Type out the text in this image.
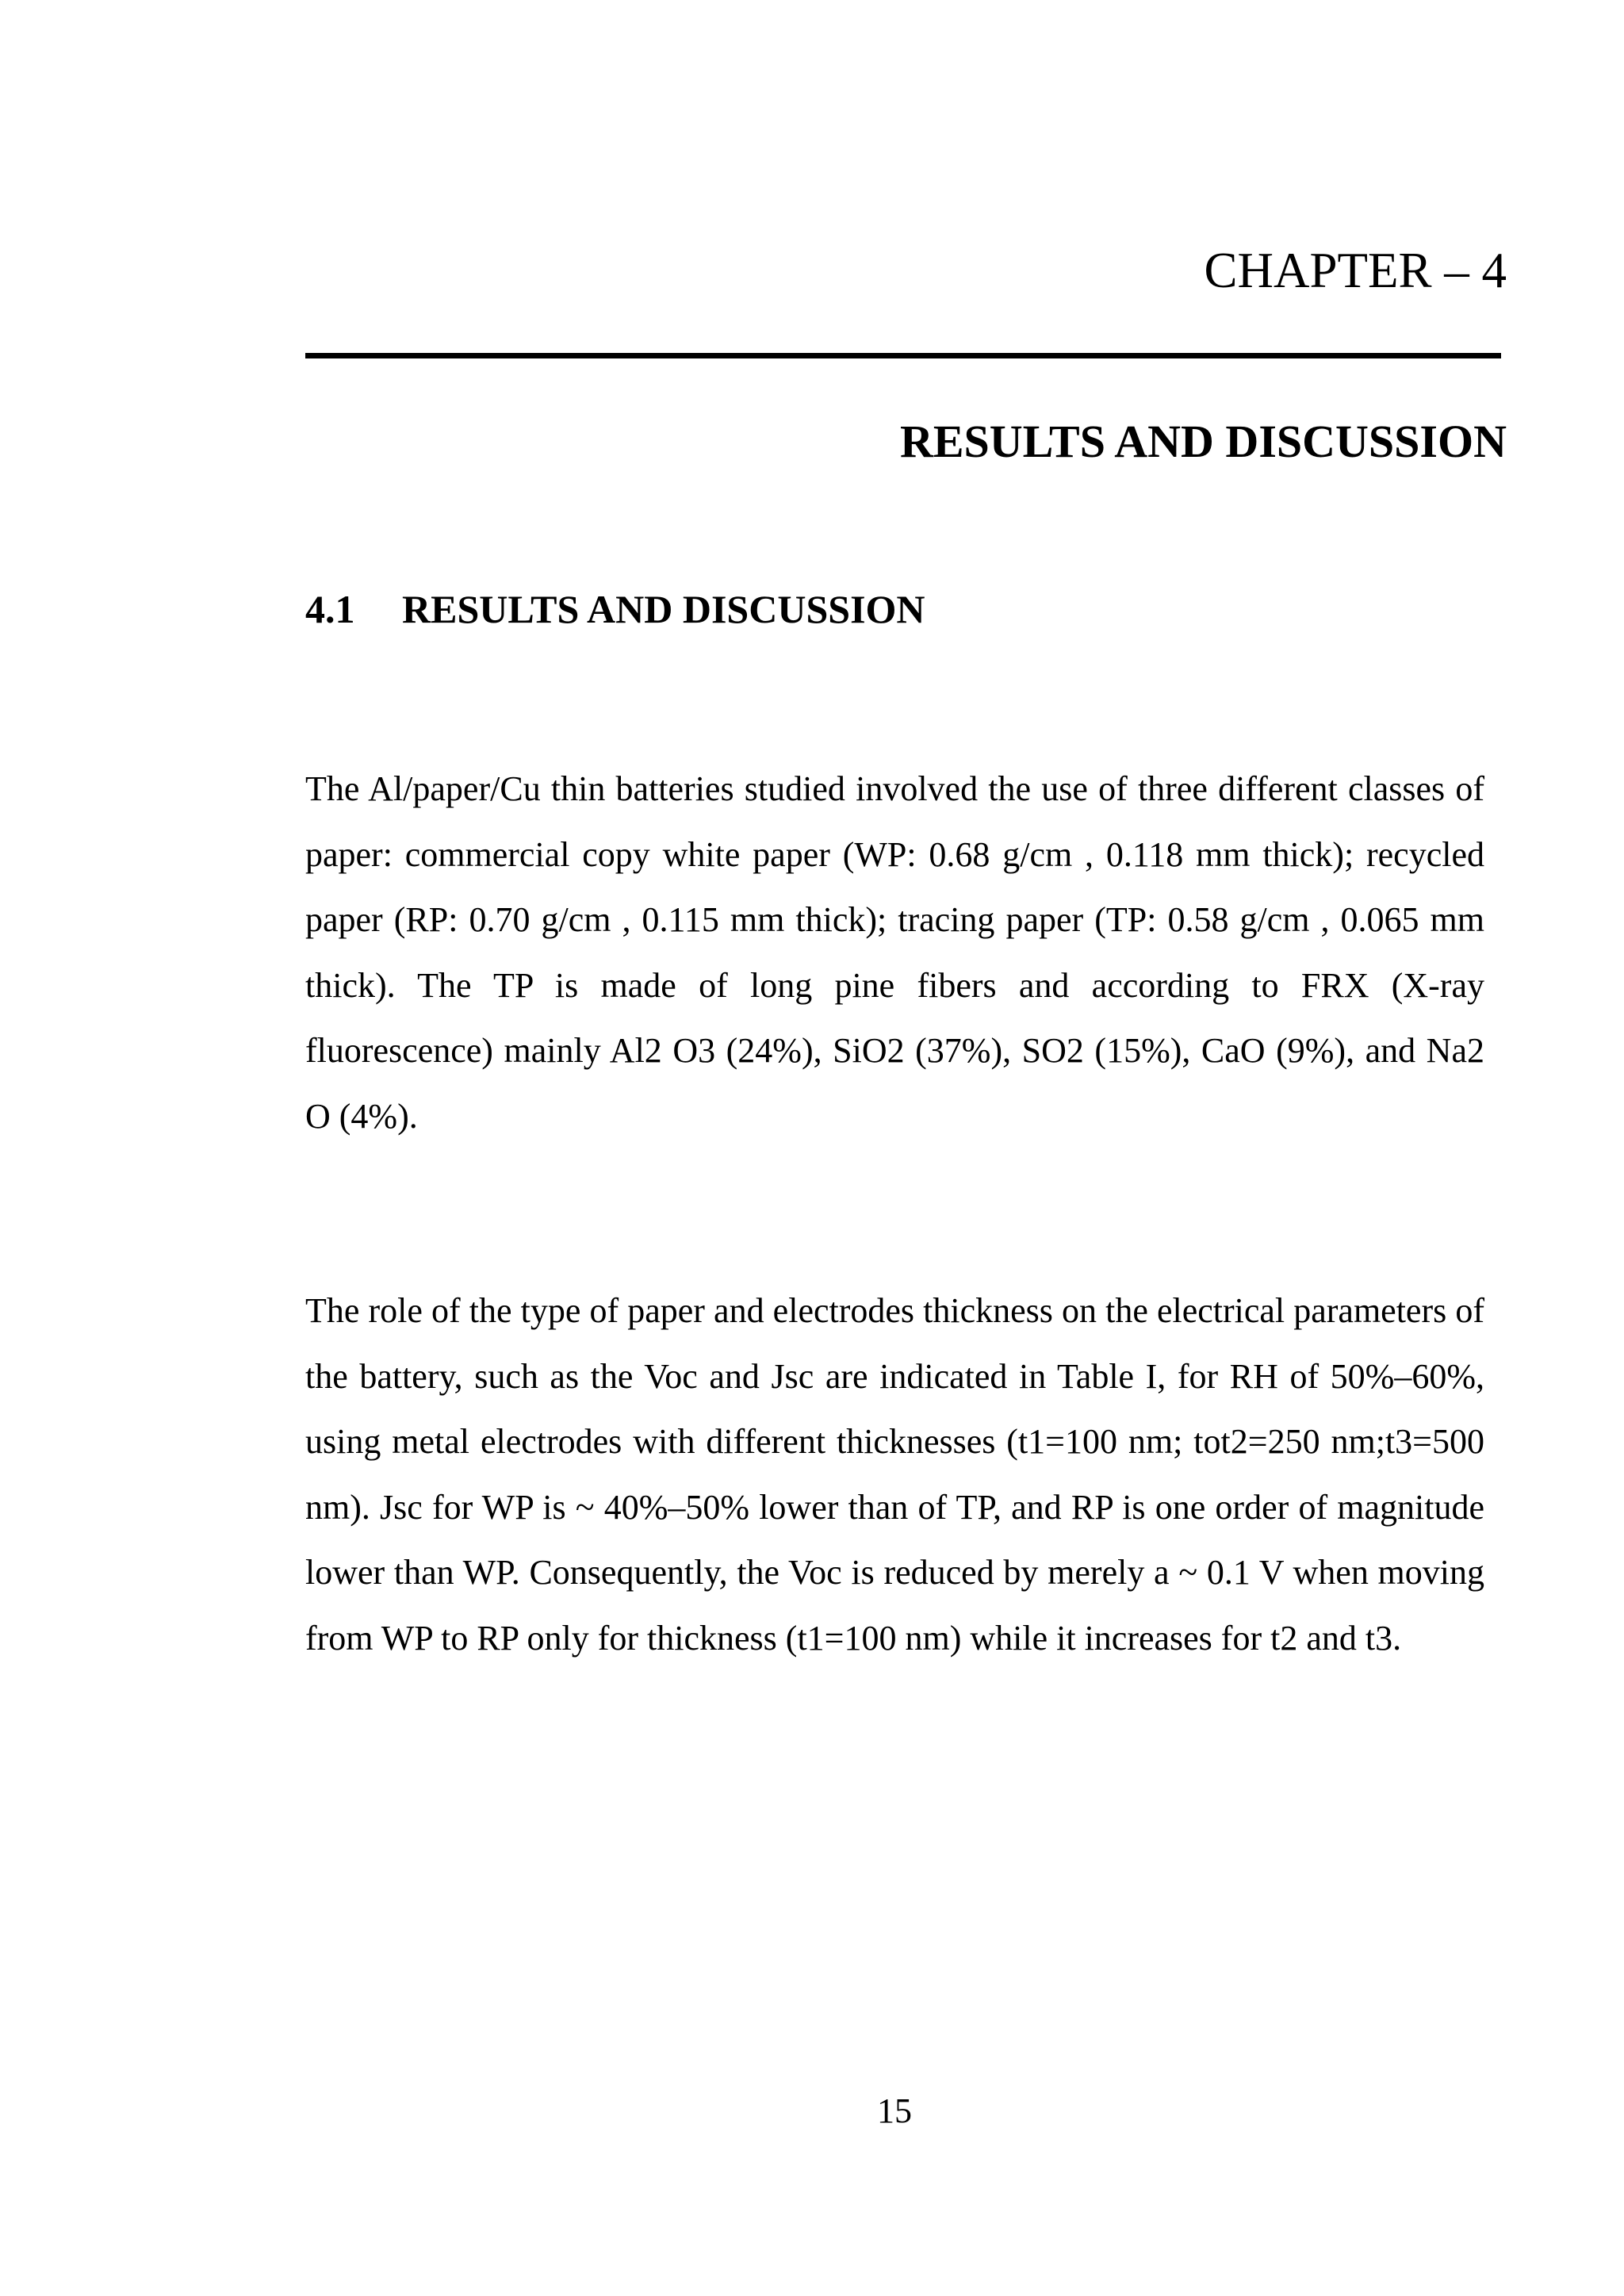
CHAPTER – 4
RESULTS AND DISCUSSION
4.1 RESULTS AND DISCUSSION

The Al/paper/Cu thin batteries studied involved the use of three different classes of paper: commercial copy white paper (WP: 0.68 g/cm , 0.118 mm thick); recycled paper (RP: 0.70 g/cm , 0.115 mm thick); tracing paper (TP: 0.58 g/cm , 0.065 mm thick). The TP is made of long pine fibers and according to FRX (X-ray fluorescence) mainly Al2 O3 (24%), SiO2 (37%), SO2 (15%), CaO (9%), and Na2 O (4%).

The role of the type of paper and electrodes thickness on the electrical parameters of the battery, such as the Voc and Jsc are indicated in Table I, for RH of 50%–60%, using metal electrodes with different thicknesses (t1=100 nm; tot2=250 nm;t3=500 nm). Jsc for WP is ~ 40%–50% lower than of TP, and RP is one order of magnitude lower than WP. Consequently, the Voc is reduced by merely a ~ 0.1 V when moving from WP to RP only for thickness (t1=100 nm) while it increases for t2 and t3.

15
